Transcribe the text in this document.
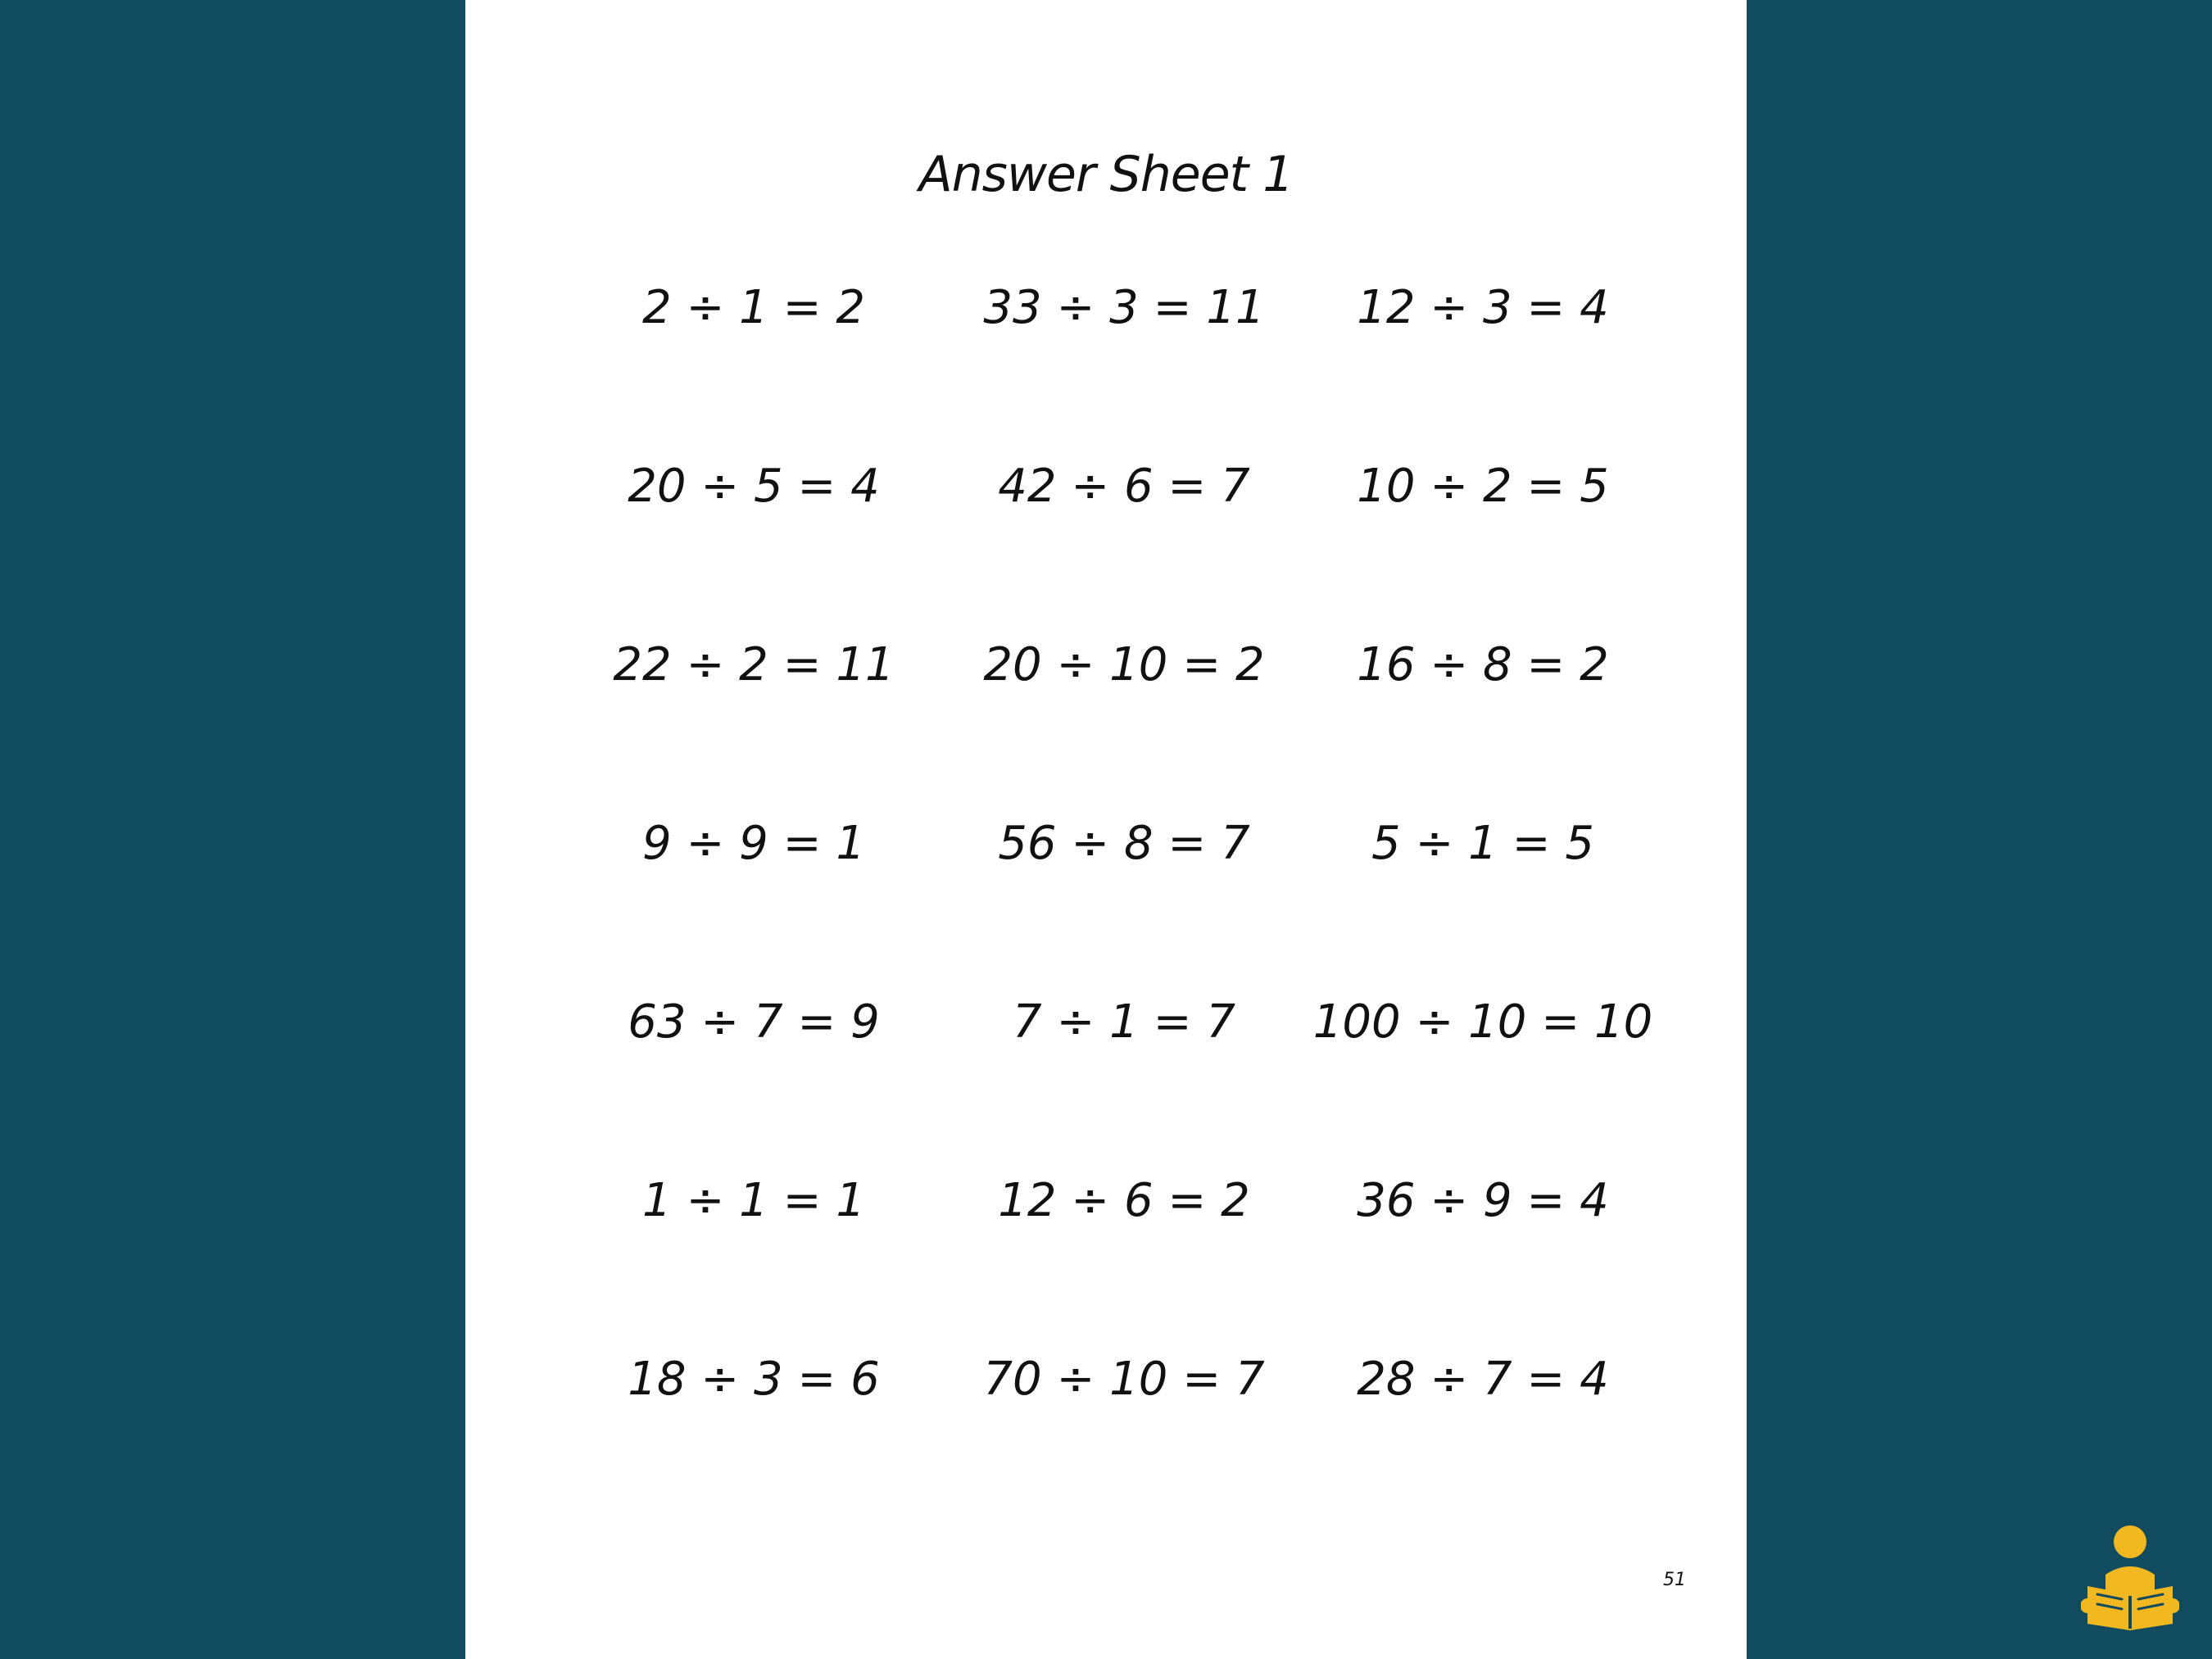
Answer Sheet 1
2 ÷ 1 = 2	33 ÷ 3 = 11	12 ÷ 3 = 4
20 ÷ 5 = 4	42 ÷ 6 = 7	10 ÷ 2 = 5
22 ÷ 2 = 11	20 ÷ 10 = 2	16 ÷ 8 = 2
9 ÷ 9 = 1	56 ÷ 8 = 7	5 ÷ 1 = 5
63 ÷ 7 = 9	7 ÷ 1 = 7	100 ÷ 10 = 10
1 ÷ 1 = 1	12 ÷ 6 = 2	36 ÷ 9 = 4
18 ÷ 3 = 6	70 ÷ 10 = 7	28 ÷ 7 = 4
51
